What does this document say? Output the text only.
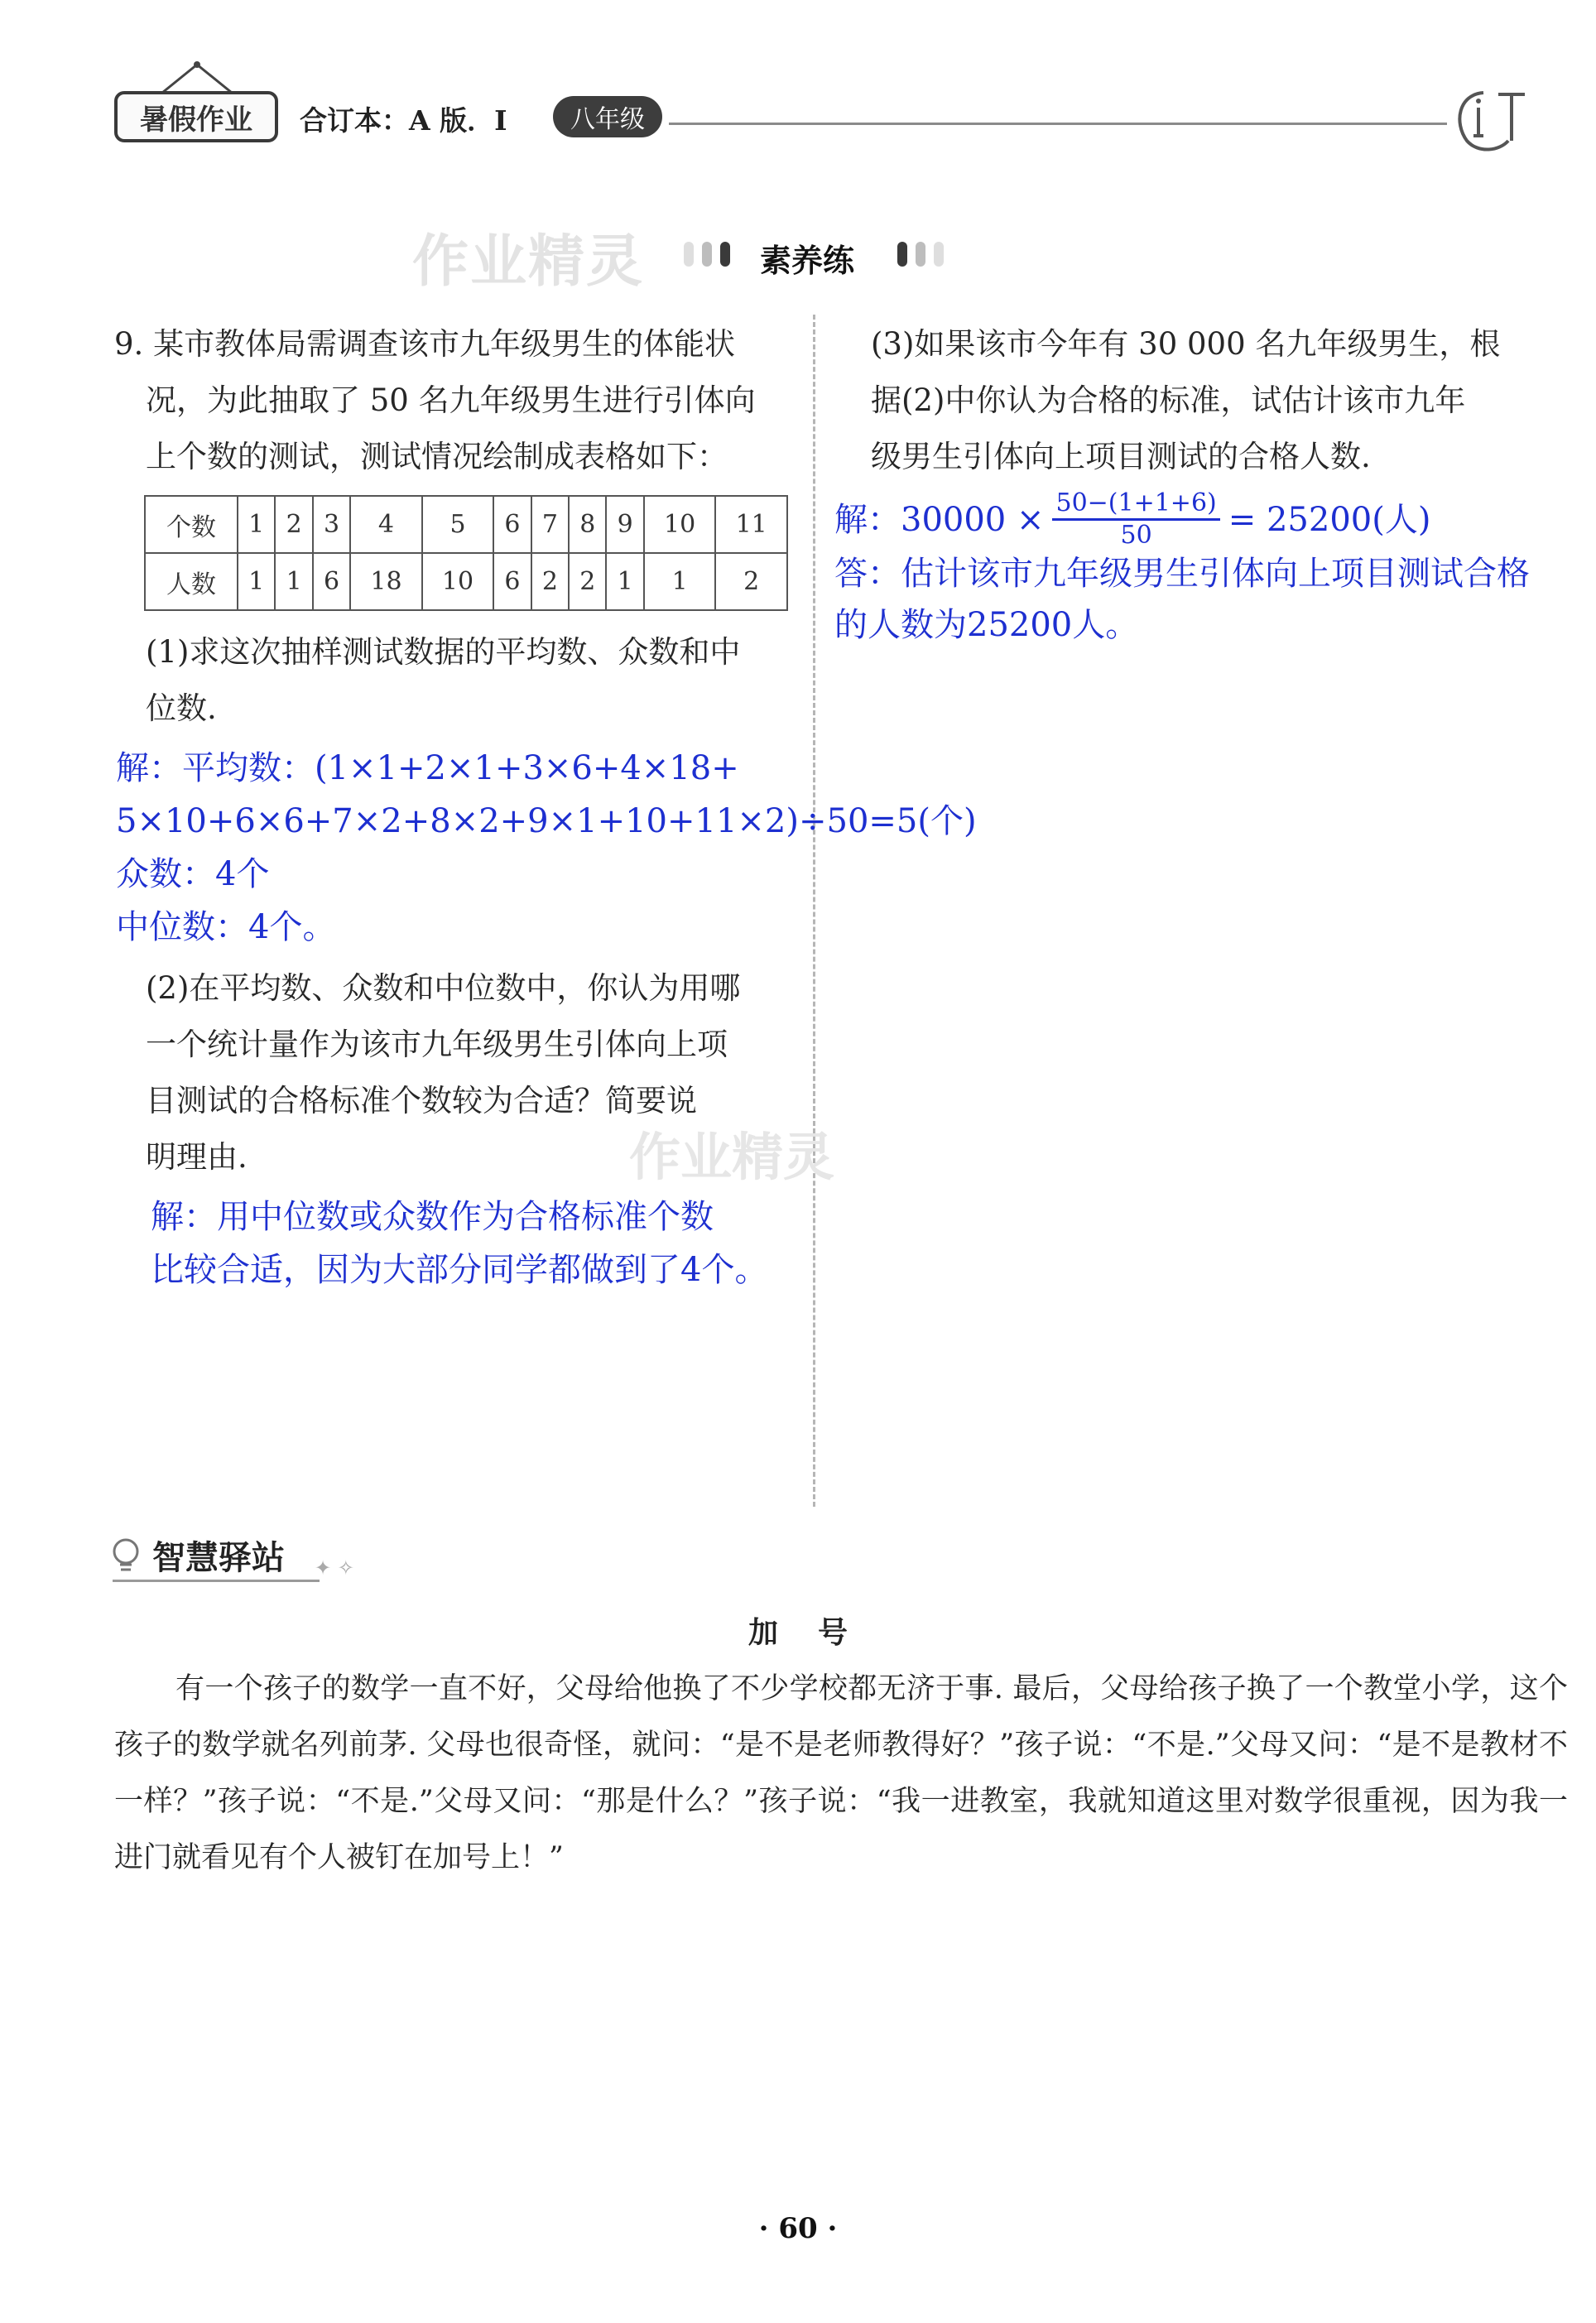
暑假作业	合订本：A 版．I	八年级
作业精灵	素养练
9. 某市教体局需调查该市九年级男生的体能状
况，为此抽取了 50 名九年级男生进行引体向
上个数的测试，测试情况绘制成表格如下：
个数	1	2	3	4	5	6	7	8	9	10	11
人数	1	1	6	18	10	6	2	2	1	1	2
(1)求这次抽样测试数据的平均数、众数和中
位数.
解：平均数：(1×1+2×1+3×6+4×18+
5×10+6×6+7×2+8×2+9×1+10+11×2)÷50=5(个)
众数：4个
中位数：4个。
(2)在平均数、众数和中位数中，你认为用哪
一个统计量作为该市九年级男生引体向上项
目测试的合格标准个数较为合适？简要说
明理由.	作业精灵
解：用中位数或众数作为合格标准个数
比较合适，因为大部分同学都做到了4个。
(3)如果该市今年有 30 000 名九年级男生，根
据(2)中你认为合格的标准，试估计该市九年
级男生引体向上项目测试的合格人数.
解：$30000 \times \frac{50-(1+1+6)}{50} = 25200$(人)
答：估计该市九年级男生引体向上项目测试合格
的人数为25200人。
智慧驿站 ✦ ✧
加号
有一个孩子的数学一直不好，父母给他换了不少学校都无济于事. 最后，父母给孩子换了一个教堂小学，这个孩子的数学就名列前茅. 父母也很奇怪，就问：“是不是老师教得好？”孩子说：“不是.”父母又问：“是不是教材不一样？”孩子说：“不是.”父母又问：“那是什么？”孩子说：“我一进教室，我就知道这里对数学很重视，因为我一进门就看见有个人被钉在加号上！”
· 60 ·
